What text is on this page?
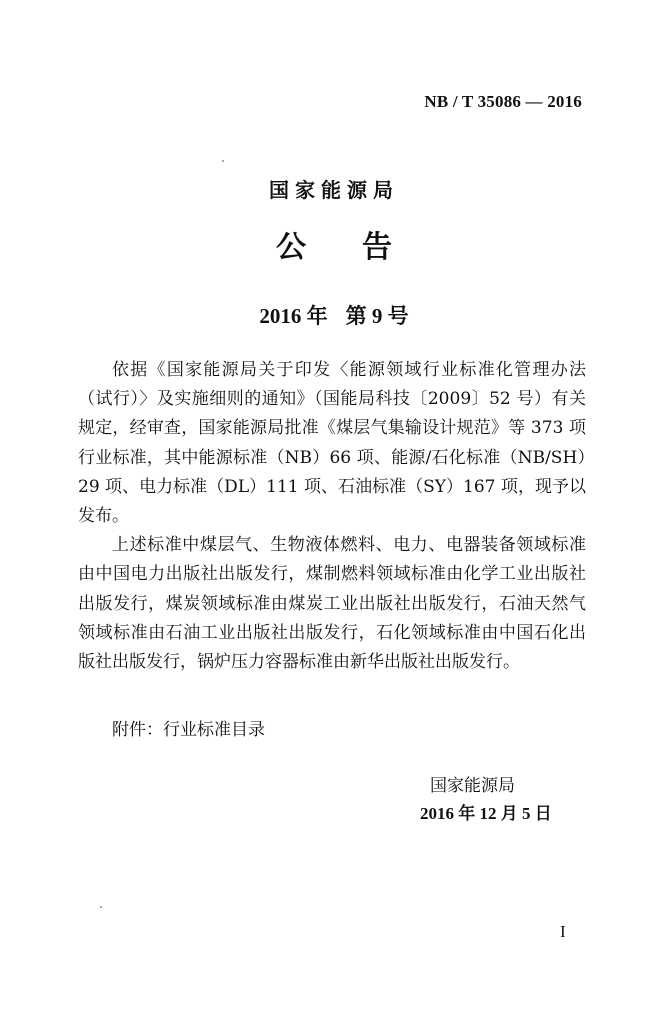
NB / T 35086 — 2016
国家能源局
公告
2016 年 第 9 号

依据《国家能源局关于印发〈能源领域行业标准化管理办法（试行）〉及实施细则的通知》（国能局科技〔2009〕52 号）有关规定，经审查，国家能源局批准《煤层气集输设计规范》等 373 项行业标准，其中能源标准（NB）66 项、能源/石化标准（NB/SH）29 项、电力标准（DL）111 项、石油标准（SY）167 项，现予以发布。

上述标准中煤层气、生物液体燃料、电力、电器装备领域标准由中国电力出版社出版发行，煤制燃料领域标准由化学工业出版社出版发行，煤炭领域标准由煤炭工业出版社出版发行，石油天然气领域标准由石油工业出版社出版发行，石化领域标准由中国石化出版社出版发行，锅炉压力容器标准由新华出版社出版发行。

附件：行业标准目录
国家能源局
2016 年 12 月 5 日
I
